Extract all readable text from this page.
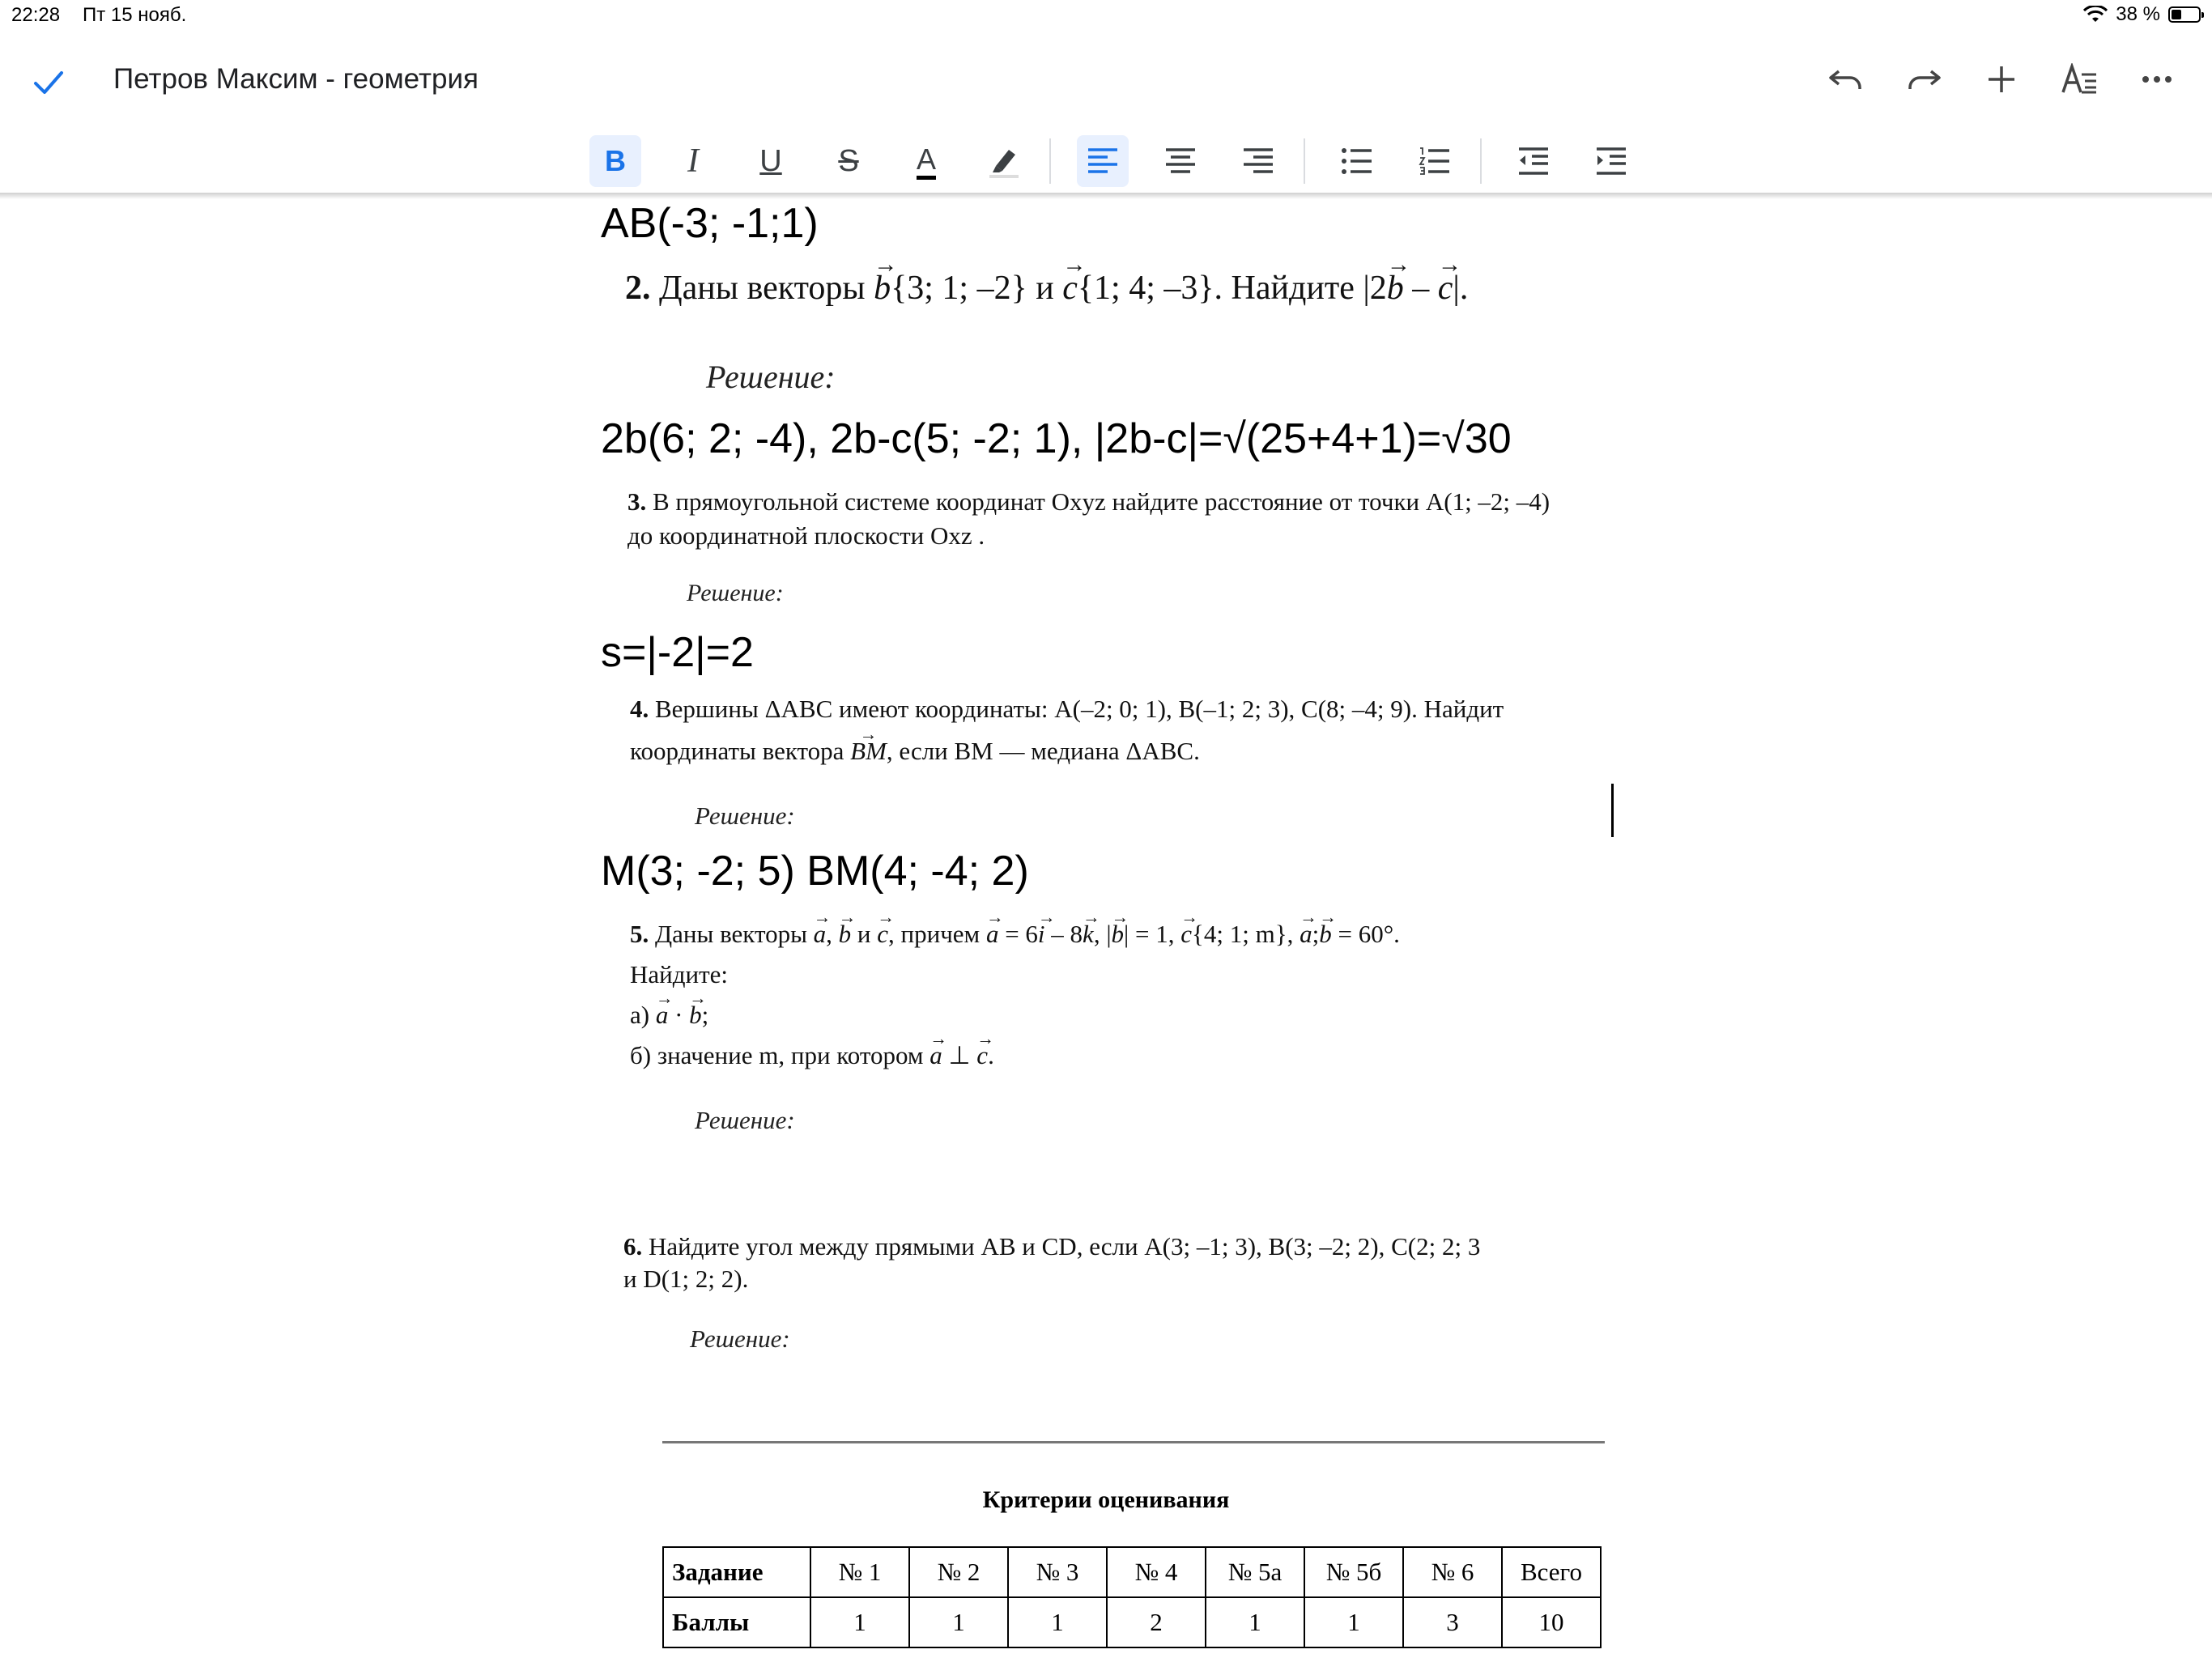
22:28 Пт 15 нояб.	38 %
Петров Максим - геометрия
B I U S A
AB(-3; -1;1)
2. Даны векторы → b{3; 1; –2} и → c{1; 4; –3}. Найдите |2→ b – → c|.
Решение:
2b(6; 2; -4), 2b-c(5; -2; 1), |2b-c|=√(25+4+1)=√30
3. В прямоугольной системе координат Oxyz найдите расстояние от точки A(1; –2; –4)
до координатной плоскости Oxz .
Решение:
s=|-2|=2
4. Вершины ΔABC имеют координаты: A(–2; 0; 1), B(–1; 2; 3), C(8; –4; 9). Найдит
координаты вектора → BM, если BM — медиана ΔABC.
Решение:
M(3; -2; 5) BM(4; -4; 2)
5. Даны векторы → a, → b и → c, причем → a = 6→ i – 8→ k, |→ b| = 1, → c{4; 1; m}, → a;→ b = 60°.
Найдите:
а) → a · → b;
б) значение m, при котором → a ⊥ → c.
Решение:
6. Найдите угол между прямыми AB и CD, если A(3; –1; 3), B(3; –2; 2), C(2; 2; 3
и D(1; 2; 2).
Решение:
Критерии оценивания
Задание	№ 1	№ 2	№ 3	№ 4	№ 5а	№ 5б	№ 6	Всего
Баллы	1	1	1	2	1	1	3	10
